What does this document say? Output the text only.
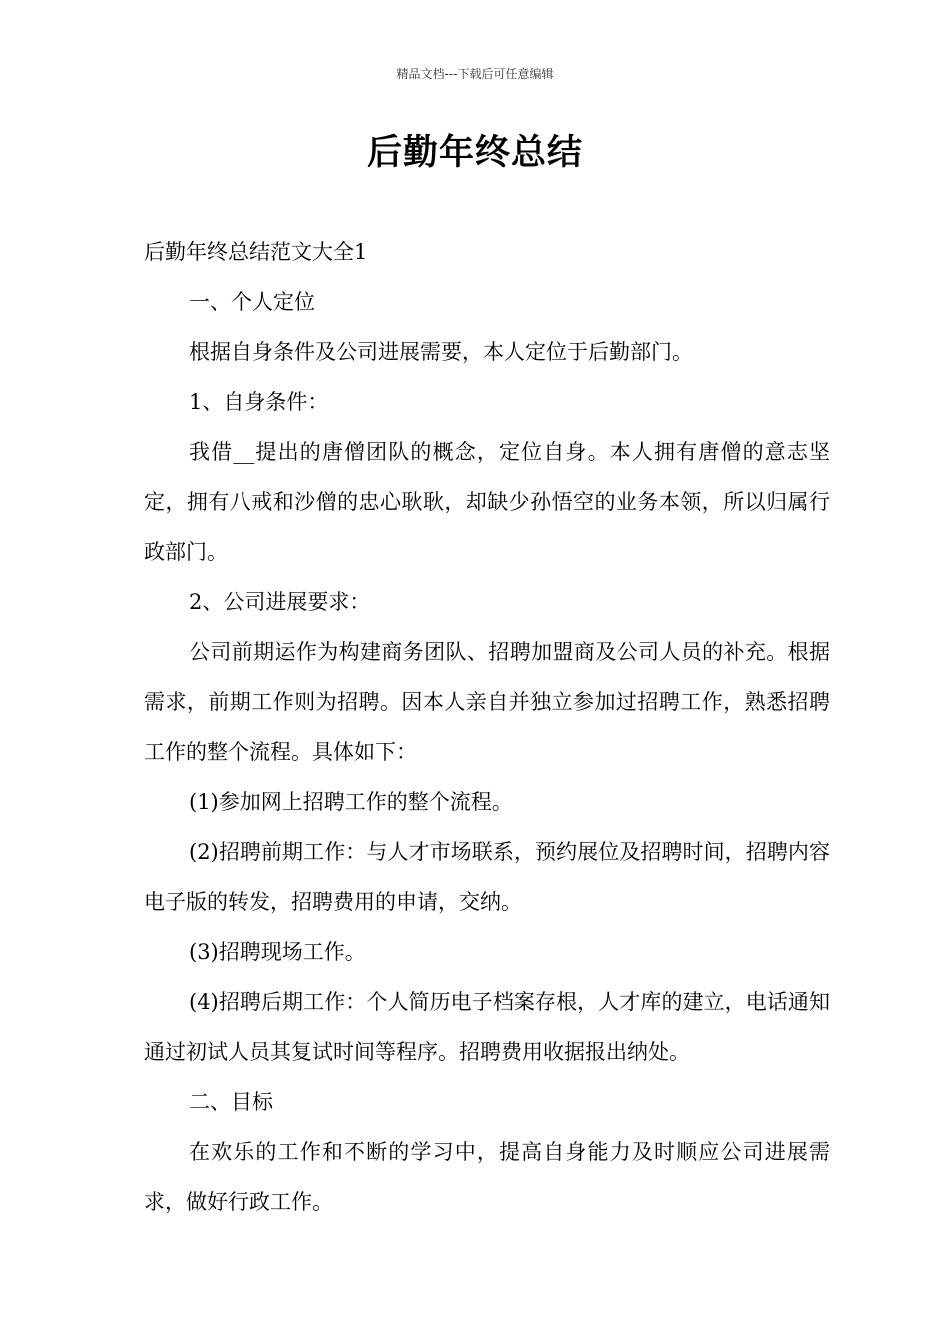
精品文档---下载后可任意编辑
后勤年终总结

后勤年终总结范文大全1

一、个人定位

根据自身条件及公司进展需要，本人定位于后勤部门。

1、自身条件：

我借__提出的唐僧团队的概念，定位自身。本人拥有唐僧的意志坚定，拥有八戒和沙僧的忠心耿耿，却缺少孙悟空的业务本领，所以归属行政部门。

2、公司进展要求：

公司前期运作为构建商务团队、招聘加盟商及公司人员的补充。根据需求，前期工作则为招聘。因本人亲自并独立参加过招聘工作，熟悉招聘工作的整个流程。具体如下：

(1)参加网上招聘工作的整个流程。

(2)招聘前期工作：与人才市场联系，预约展位及招聘时间，招聘内容电子版的转发，招聘费用的申请，交纳。

(3)招聘现场工作。

(4)招聘后期工作：个人简历电子档案存根，人才库的建立，电话通知通过初试人员其复试时间等程序。招聘费用收据报出纳处。

二、目标

在欢乐的工作和不断的学习中，提高自身能力及时顺应公司进展需求，做好行政工作。
